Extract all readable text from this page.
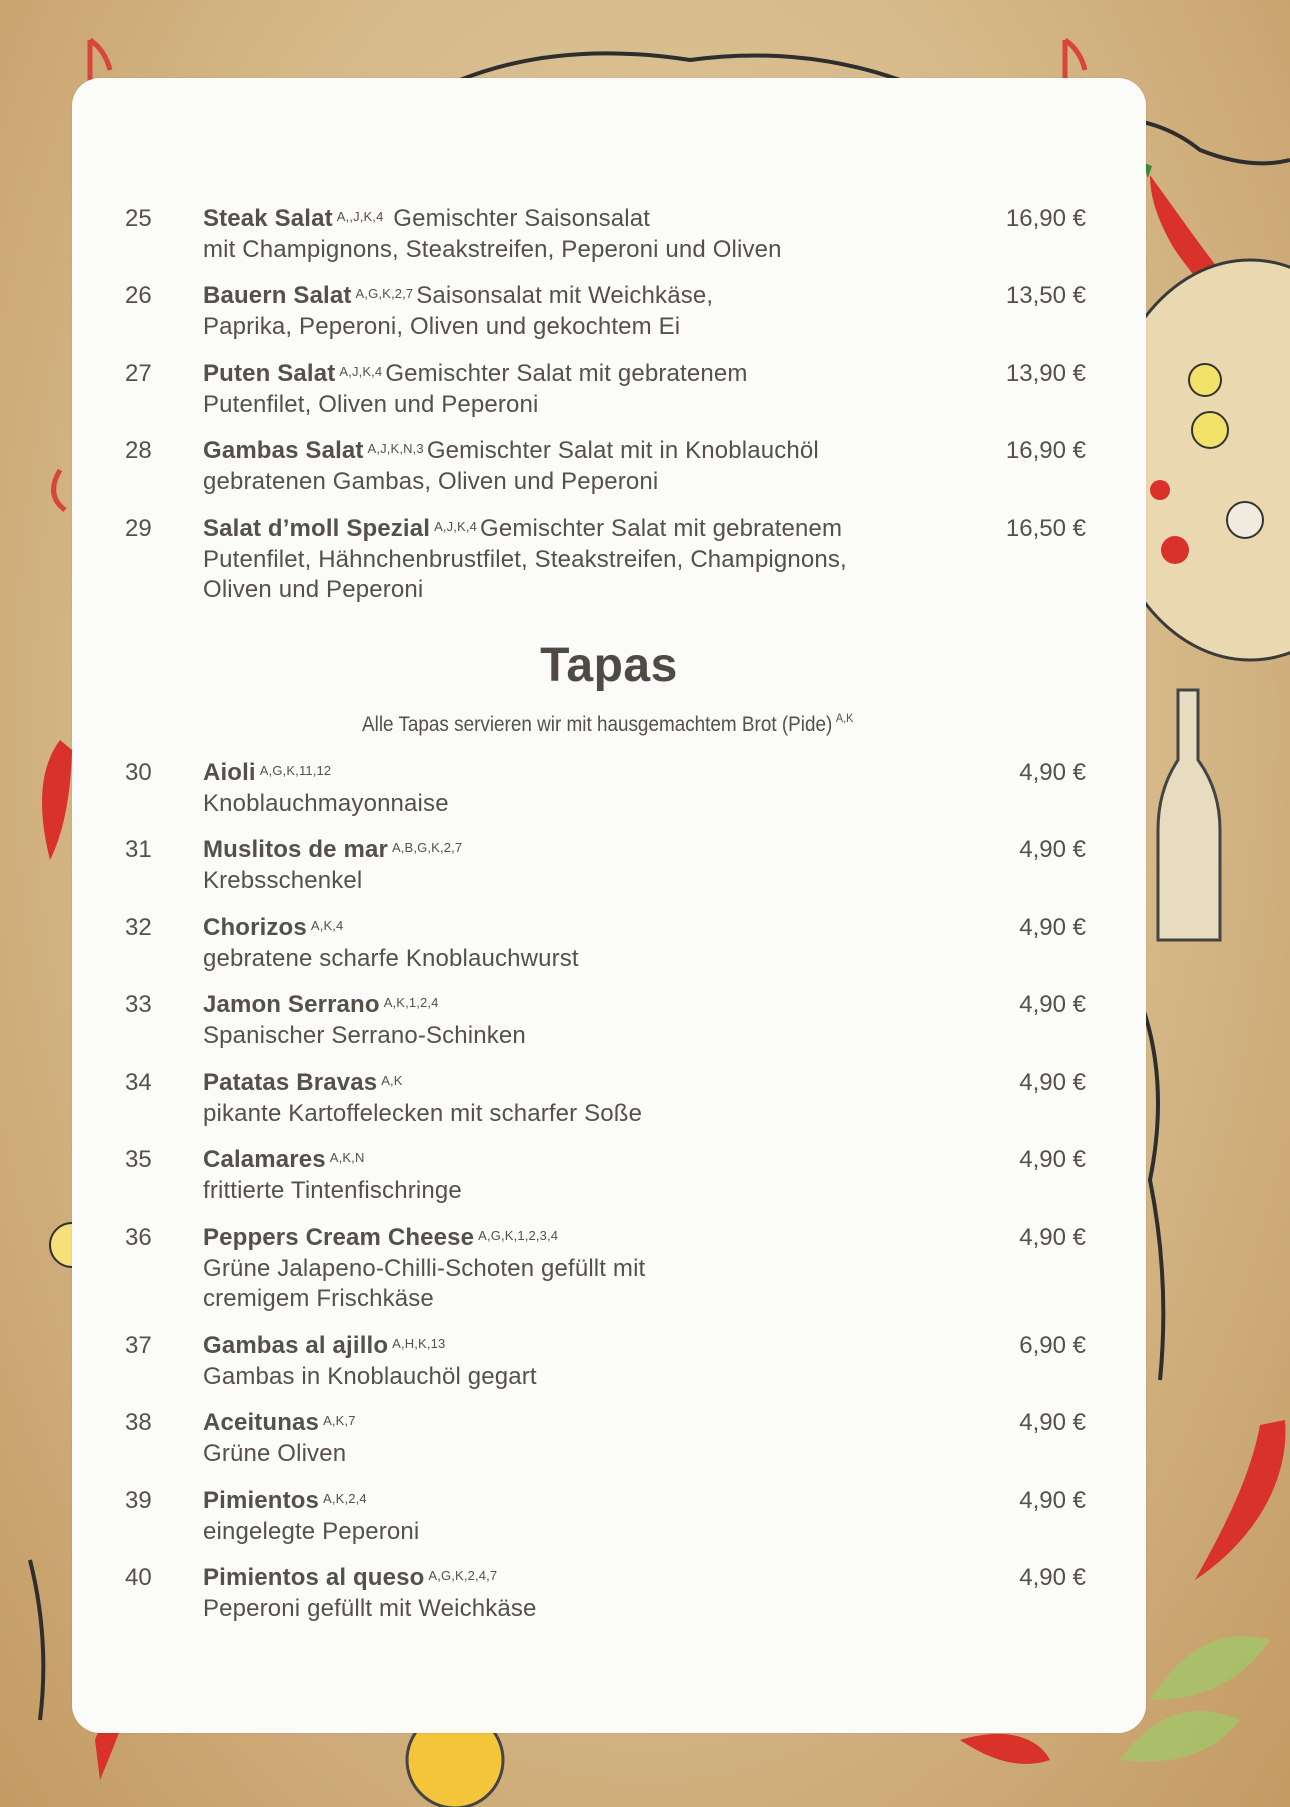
25 Steak Salat $^{A,,J,K,4}$ Gemischter Saisonsalat
mit Champignons, Steakstreifen, Peperoni und Oliven
16,90 €
26 Bauern Salat $^{A,G,K,2,7}$ Saisonsalat mit Weichkäse,
Paprika, Peperoni, Oliven und gekochtem Ei
13,50 €
27 Puten Salat $^{A,J,K,4}$ Gemischter Salat mit gebratenem
Putenfilet, Oliven und Peperoni
13,90 €
28 Gambas Salat $^{A,J,K,N,3}$ Gemischter Salat mit in Knoblauchöl
gebratenen Gambas, Oliven und Peperoni
16,90 €
29 Salat d’moll Spezial $^{A,J,K,4}$ Gemischter Salat mit gebratenem
Putenfilet, Hähnchenbrustfilet, Steakstreifen, Champignons,
Oliven und Peperoni
16,50 €
Tapas
Alle Tapas servieren wir mit hausgemachtem Brot (Pide) $^{A,K}$
30 Aioli $^{A,G,K,11,12}$
Knoblauchmayonnaise
4,90 €
31 Muslitos de mar $^{A,B,G,K,2,7}$
Krebsschenkel
4,90 €
32 Chorizos $^{A,K,4}$
gebratene scharfe Knoblauchwurst
4,90 €
33 Jamon Serrano $^{A,K,1,2,4}$
Spanischer Serrano-Schinken
4,90 €
34 Patatas Bravas $^{A,K}$
pikante Kartoffelecken mit scharfer Soße
4,90 €
35 Calamares $^{A,K,N}$
frittierte Tintenfischringe
4,90 €
36 Peppers Cream Cheese $^{A,G,K,1,2,3,4}$
Grüne Jalapeno-Chilli-Schoten gefüllt mit
cremigem Frischkäse
4,90 €
37 Gambas al ajillo $^{A,H,K,13}$
Gambas in Knoblauchöl gegart
6,90 €
38 Aceitunas $^{A,K,7}$
Grüne Oliven
4,90 €
39 Pimientos $^{A,K,2,4}$
eingelegte Peperoni
4,90 €
40 Pimientos al queso $^{A,G,K,2,4,7}$
Peperoni gefüllt mit Weichkäse
4,90 €
